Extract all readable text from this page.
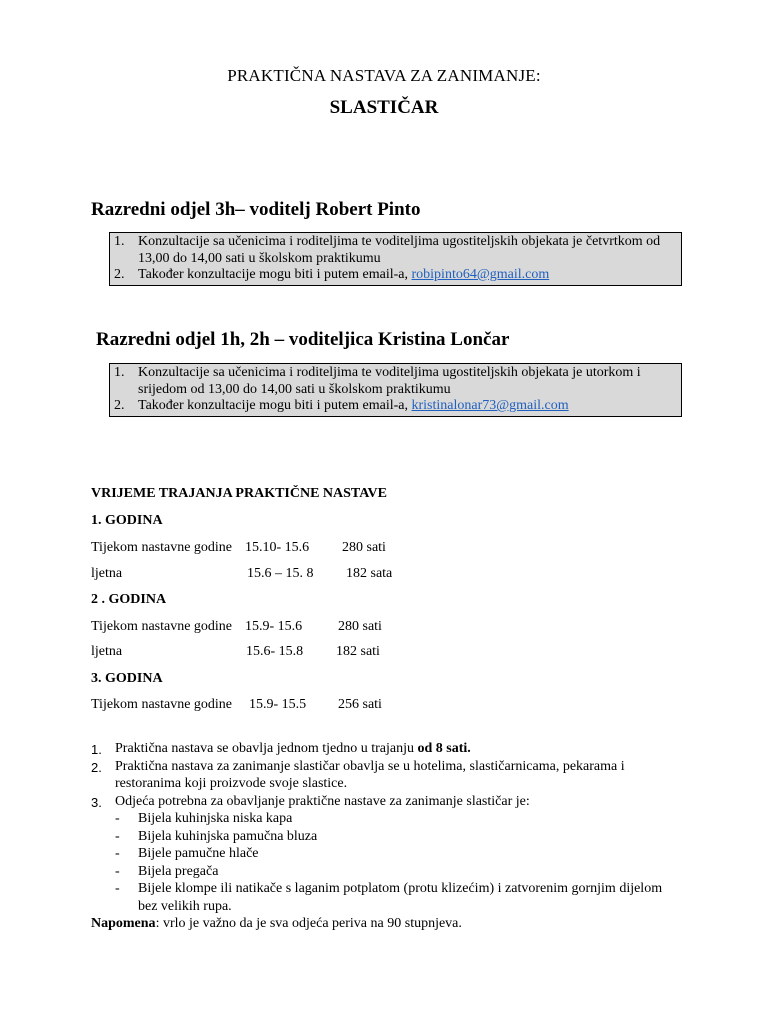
PRAKTIČNA NASTAVA ZA ZANIMANJE:
SLASTIČAR
Razredni odjel 3h– voditelj Robert Pinto
1. Konzultacije sa učenicima i roditeljima te voditeljima ugostiteljskih objekata je četvrtkom od 13,00 do 14,00 sati u školskom praktikumu
2. Također konzultacije mogu biti i putem email-a, robipinto64@gmail.com
Razredni odjel 1h, 2h – voditeljica Kristina Lončar
1. Konzultacije sa učenicima i roditeljima te voditeljima ugostiteljskih objekata je utorkom i srijedom od 13,00 do 14,00 sati u školskom praktikumu
2. Također konzultacije mogu biti i putem email-a, kristinalonar73@gmail.com
VRIJEME TRAJANJA PRAKTIČNE NASTAVE
1. GODINA
Tijekom nastavne godine 15.10- 15.6 280 sati
ljetna	15.6 – 15. 8 182 sata
2 . GODINA
Tijekom nastavne godine 15.9- 15.6	280 sati
ljetna	15.6- 15.8 182 sati
3. GODINA
Tijekom nastavne godine 15.9- 15.5 256 sati
1. Praktična nastava se obavlja jednom tjedno u trajanju od 8 sati.
2. Praktična nastava za zanimanje slastičar obavlja se u hotelima, slastičarnicama, pekarama i restoranima koji proizvode svoje slastice.
3. Odjeća potrebna za obavljanje praktične nastave za zanimanje slastičar je:
- Bijela kuhinjska niska kapa
- Bijela kuhinjska pamučna bluza
- Bijele pamučne hlače
- Bijela pregača
- Bijele klompe ili natikače s laganim potplatom (protu klizećim) i zatvorenim gornjim dijelom bez velikih rupa.
Napomena: vrlo je važno da je sva odjeća periva na 90 stupnjeva.
